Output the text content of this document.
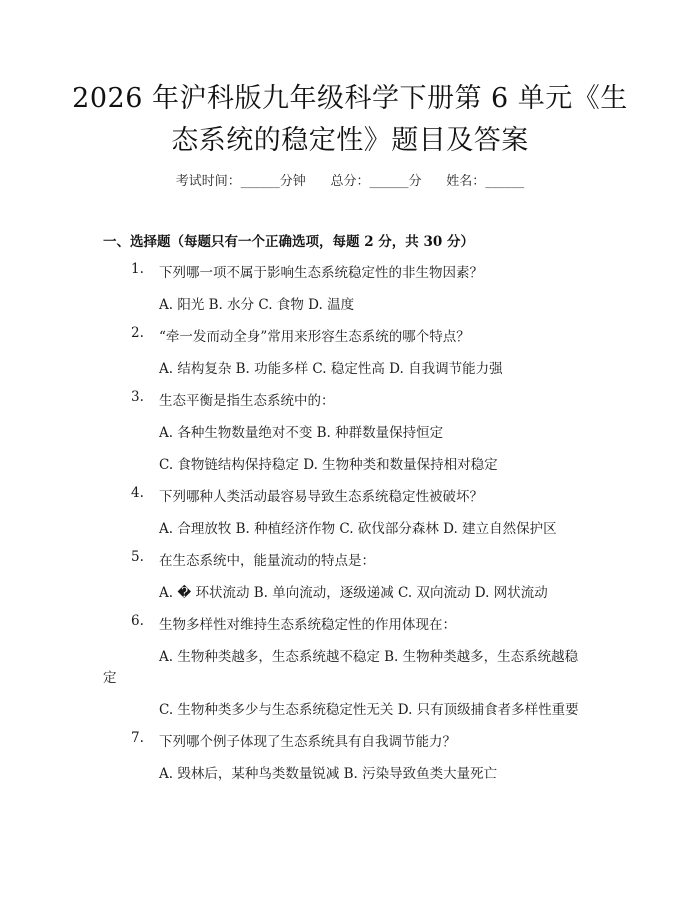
2026 年沪科版九年级科学下册第 6 单元《生
态系统的稳定性》题目及答案
考试时间：______分钟      总分：______分      姓名：______
一、选择题（每题只有一个正确选项，每题 2 分，共 30 分）
1. 下列哪一项不属于影响生态系统稳定性的非生物因素？
A. 阳光 B. 水分 C. 食物 D. 温度
2. “牵一发而动全身”常用来形容生态系统的哪个特点？
A. 结构复杂 B. 功能多样 C. 稳定性高 D. 自我调节能力强
3. 生态平衡是指生态系统中的：
A. 各种生物数量绝对不变 B. 种群数量保持恒定
C. 食物链结构保持稳定 D. 生物种类和数量保持相对稳定
4. 下列哪种人类活动最容易导致生态系统稳定性被破坏？
A. 合理放牧 B. 种植经济作物 C. 砍伐部分森林 D. 建立自然保护区
5. 在生态系统中，能量流动的特点是：
A. � 环状流动 B. 单向流动，逐级递减 C. 双向流动 D. 网状流动
6. 生物多样性对维持生态系统稳定性的作用体现在：
A. 生物种类越多，生态系统越不稳定 B. 生物种类越多，生态系统越稳
定
C. 生物种类多少与生态系统稳定性无关 D. 只有顶级捕食者多样性重要
7. 下列哪个例子体现了生态系统具有自我调节能力？
A. 毁林后，某种鸟类数量锐减 B. 污染导致鱼类大量死亡
